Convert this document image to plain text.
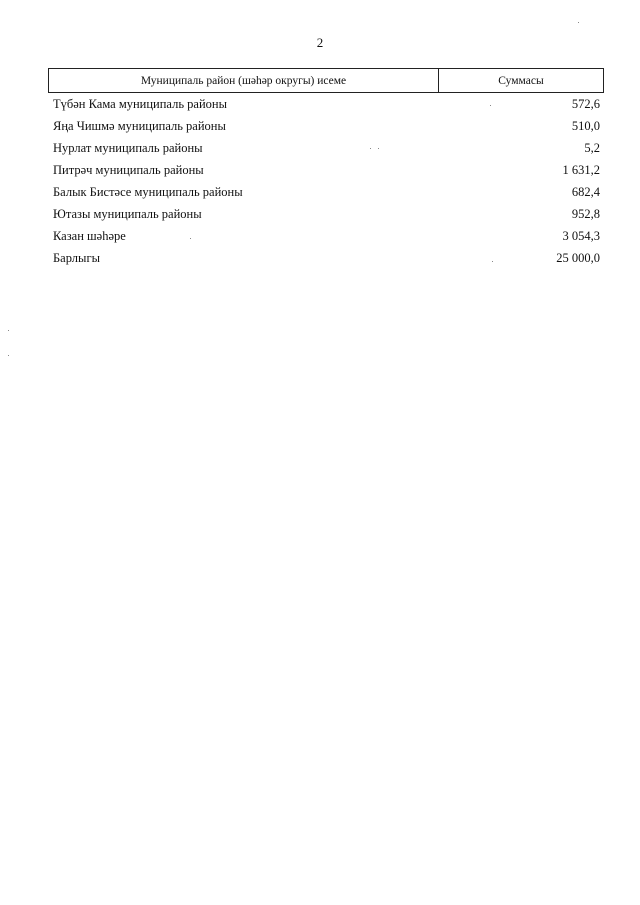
2
Муниципаль район (шәһәр округы) исеме	Суммасы
Түбән Кама муниципаль районы	572,6
Яңа Чишмә муниципаль районы	510,0
Нурлат муниципаль районы	5,2
Питрәч муниципаль районы	1 631,2
Балык Бистәсе муниципаль районы	682,4
Ютазы муниципаль районы	952,8
Казан шәһәре	3 054,3
Барлыгы	25 000,0
